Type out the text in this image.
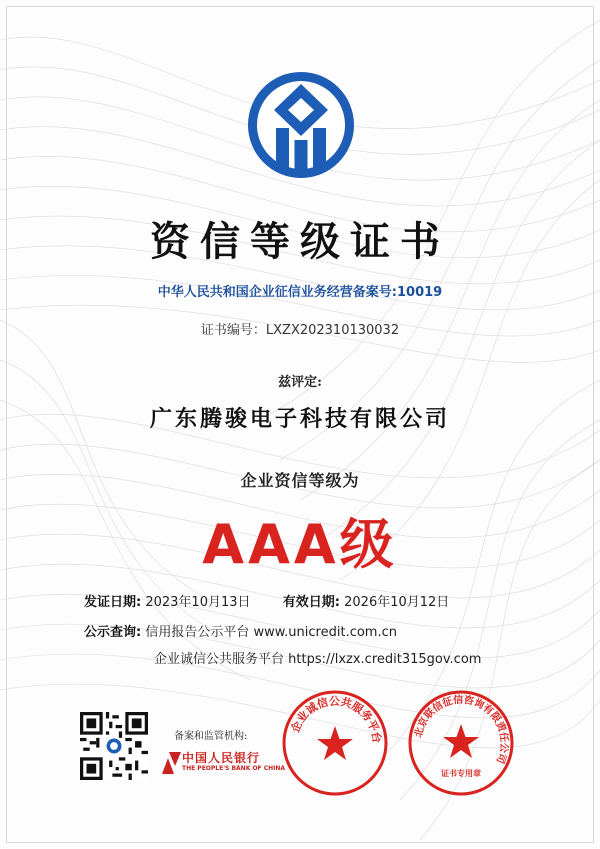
资信等级证书
中华人民共和国企业征信业务经营备案号:10019
证书编号：LXZX202310130032
兹评定:
广东腾骏电子科技有限公司
企业资信等级为
AAA级
发证日期: 2023年10月13日 有效日期: 2026年10月12日
公示查询: 信用报告公示平台 www.unicredit.com.cn
企业诚信公共服务平台 https://lxzx.credit315gov.com
备案和监管机构:
中国人民银行
THE PEOPLE'S BANK OF CHINA
企业诚信公共服务平台	北京联信征信咨询有限责任公司
证书专用章
